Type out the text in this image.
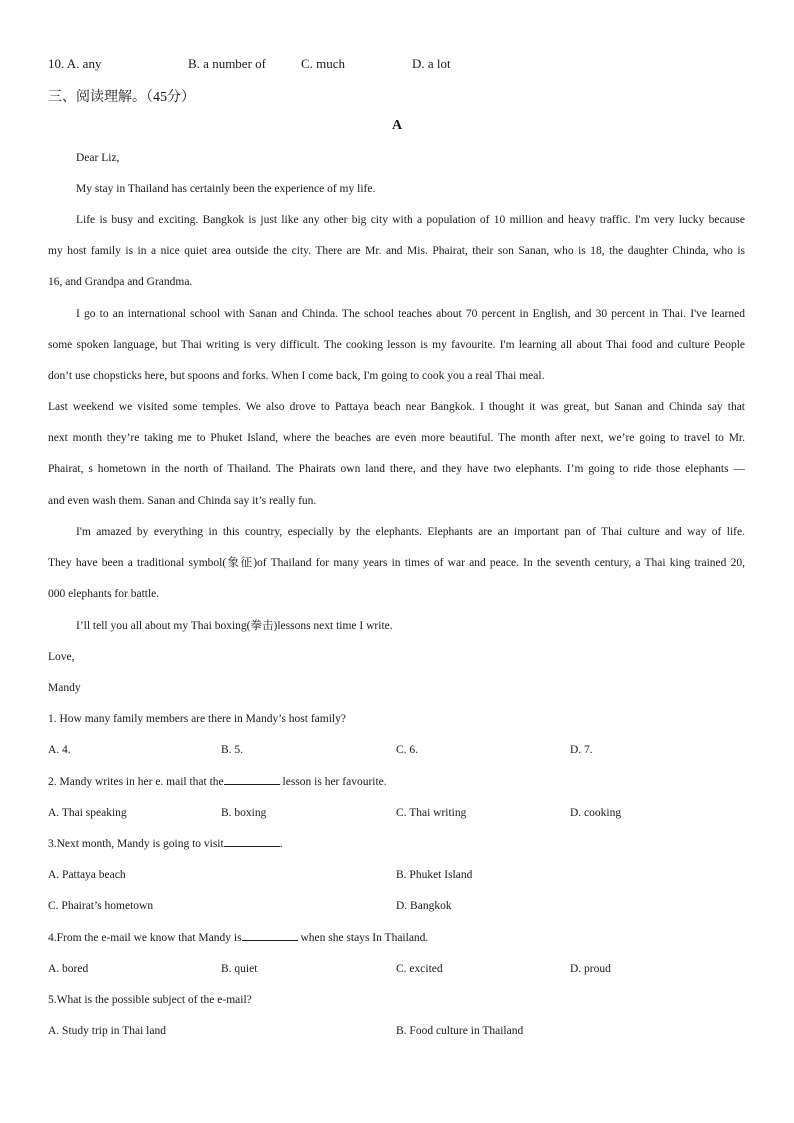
10. A. any	B. a number of	C. much	D. a lot
三、阅读理解。（45分）
A
Dear Liz,
My stay in Thailand has certainly been the experience of my life.
Life is busy and exciting. Bangkok is just like any other big city with a population of 10 million and heavy traffic. I'm very lucky because
my host family is in a nice quiet area outside the city. There are Mr. and Mis. Phairat, their son Sanan, who is 18, the daughter Chinda, who is
16, and Grandpa and Grandma.
I go to an international school with Sanan and Chinda. The school teaches about 70 percent in English, and 30 percent in Thai. I've learned
some spoken language, but Thai writing is very difficult. The cooking lesson is my favourite. I'm learning all about Thai food and culture People
don’t use chopsticks here, but spoons and forks. When I come back, I'm going to cook you a real Thai meal.
Last weekend we visited some temples. We also drove to Pattaya beach near Bangkok. I thought it was great, but Sanan and Chinda say that
next month they’re taking me to Phuket Island, where the beaches are even more beautiful. The month after next, we’re going to travel to Mr.
Phairat, s hometown in the north of Thailand. The Phairats own land there, and they have two elephants. I’m going to ride those elephants —
and even wash them. Sanan and Chinda say it’s really fun.
I'm amazed by everything in this country, especially by the elephants. Elephants are an important pan of Thai culture and way of life.
They have been a traditional symbol(象征)of Thailand for many years in times of war and peace. In the seventh century, a Thai king trained 20,
000 elephants for battle.
I’ll tell you all about my Thai boxing(拳击)lessons next time I write.
Love,
Mandy
1. How many family members are there in Mandy’s host family?
A. 4.	B. 5.	C. 6.	D. 7.
2. Mandy writes in her e. mail that the	lesson is her favourite.
A. Thai speaking	B. boxing	C. Thai writing	D. cooking
3.Next month, Mandy is going to visit	.
A. Pattaya beach	B. Phuket Island
C. Phairat’s hometown	D. Bangkok
4.From the e-mail we know that Mandy is	when she stays In Thailand.
A. bored	B. quiet	C. excited	D. proud
5.What is the possible subject of the e-mail?
A. Study trip in Thai land	B. Food culture in Thailand
